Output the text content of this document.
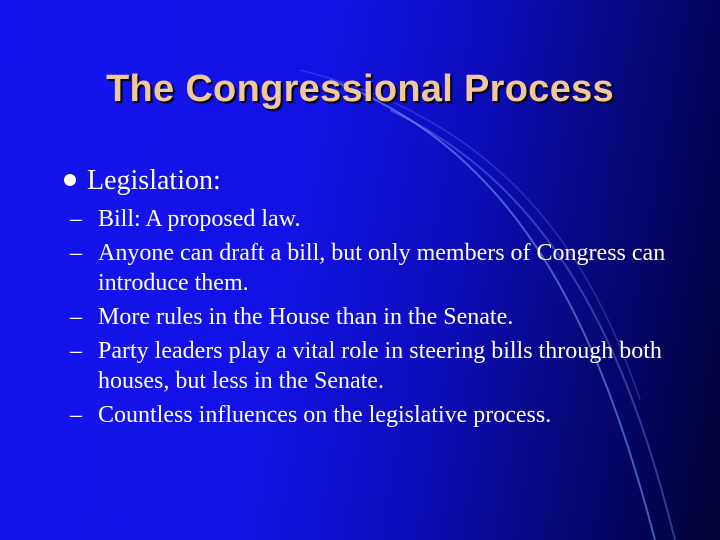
The Congressional Process
Legislation:
– Bill: A proposed law.
– Anyone can draft a bill, but only members of Congress can introduce them.
– More rules in the House than in the Senate.
– Party leaders play a vital role in steering bills through both houses, but less in the Senate.
– Countless influences on the legislative process.
